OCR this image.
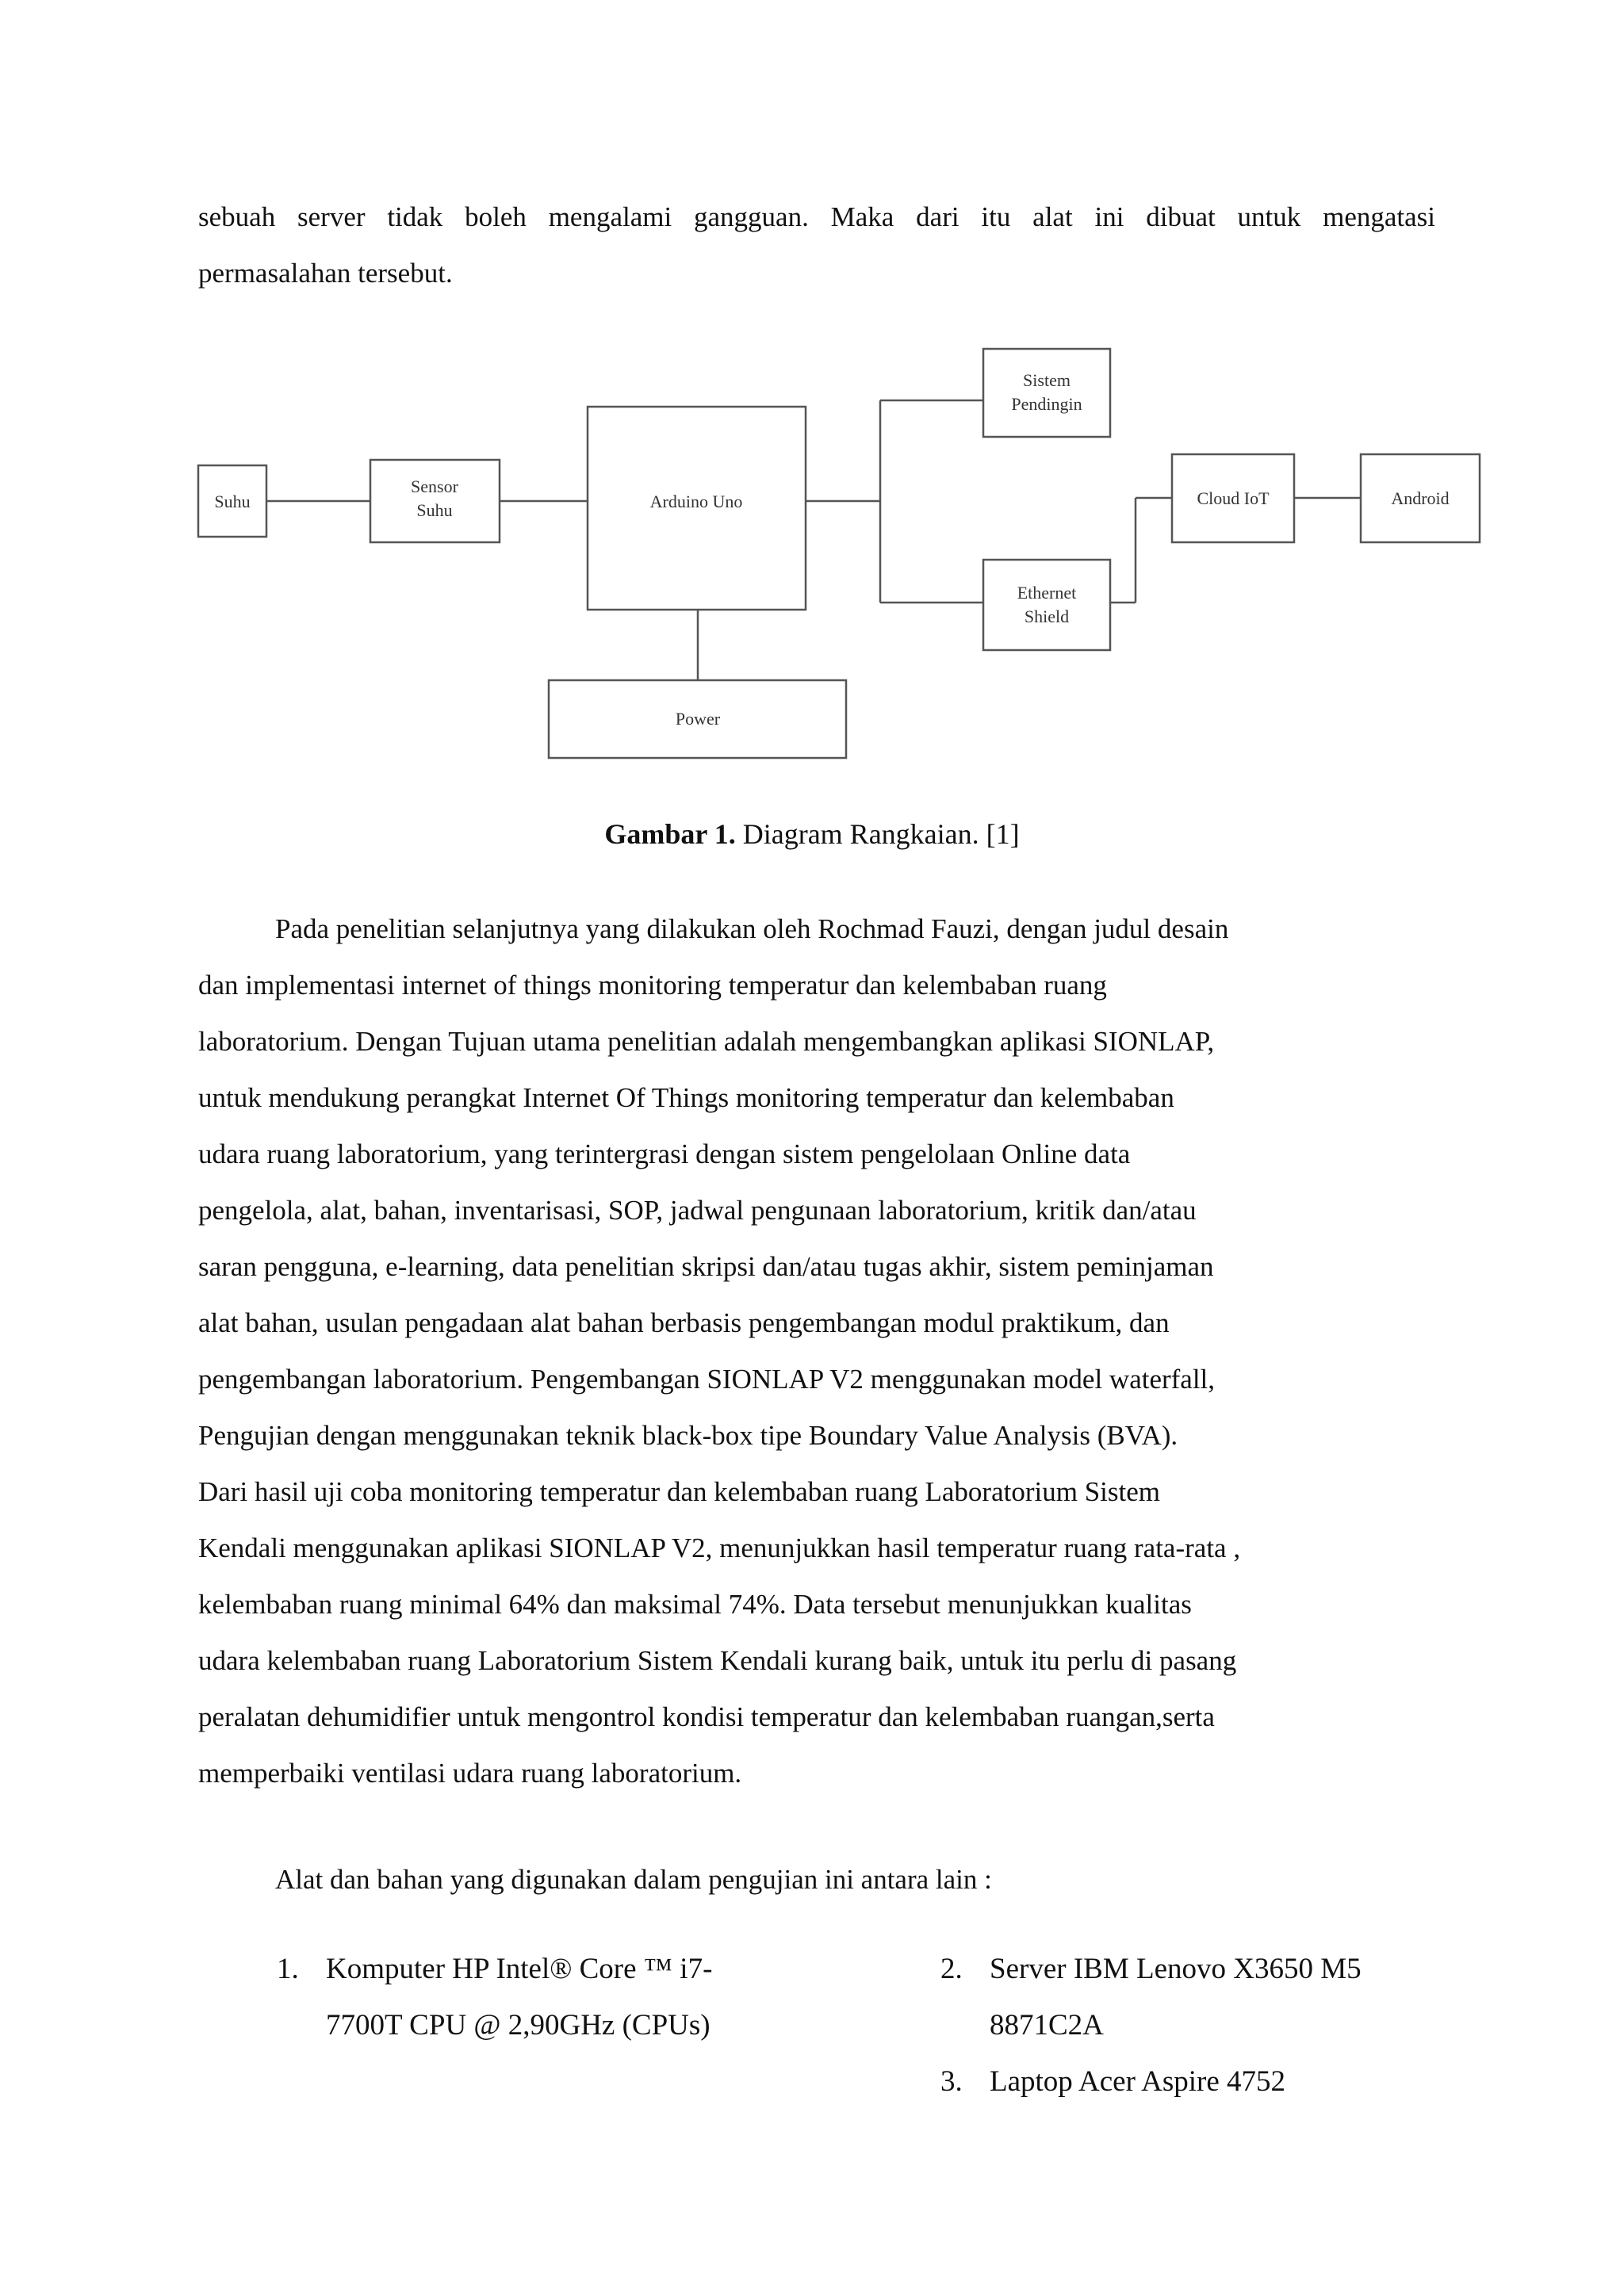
sebuah server tidak boleh mengalami gangguan. Maka dari itu alat ini dibuat untuk mengatasi
permasalahan tersebut.
Suhu
Sensor
Suhu	Arduino Uno
Sistem
Pendingin
Ethernet
Shield
Cloud IoT	Android
Power
Gambar 1. Diagram Rangkaian. [1]
Pada penelitian selanjutnya yang dilakukan oleh Rochmad Fauzi, dengan judul desain
dan implementasi internet of things monitoring temperatur dan kelembaban ruang
laboratorium. Dengan Tujuan utama penelitian adalah mengembangkan aplikasi SIONLAP,
untuk mendukung perangkat Internet Of Things monitoring temperatur dan kelembaban
udara ruang laboratorium, yang terintergrasi dengan sistem pengelolaan Online data
pengelola, alat, bahan, inventarisasi, SOP, jadwal pengunaan laboratorium, kritik dan/atau
saran pengguna, e-learning, data penelitian skripsi dan/atau tugas akhir, sistem peminjaman
alat bahan, usulan pengadaan alat bahan berbasis pengembangan modul praktikum, dan
pengembangan laboratorium. Pengembangan SIONLAP V2 menggunakan model waterfall,
Pengujian dengan menggunakan teknik black-box tipe Boundary Value Analysis (BVA).
Dari hasil uji coba monitoring temperatur dan kelembaban ruang Laboratorium Sistem
Kendali menggunakan aplikasi SIONLAP V2, menunjukkan hasil temperatur ruang rata-rata ,
kelembaban ruang minimal 64% dan maksimal 74%. Data tersebut menunjukkan kualitas
udara kelembaban ruang Laboratorium Sistem Kendali kurang baik, untuk itu perlu di pasang
peralatan dehumidifier untuk mengontrol kondisi temperatur dan kelembaban ruangan,serta
memperbaiki ventilasi udara ruang laboratorium.
Alat dan bahan yang digunakan dalam pengujian ini antara lain :
1. Komputer HP Intel® Core ™ i7-
7700T CPU @ 2,90GHz (CPUs)
2. Server IBM Lenovo X3650 M5
8871C2A
3. Laptop Acer Aspire 4752
